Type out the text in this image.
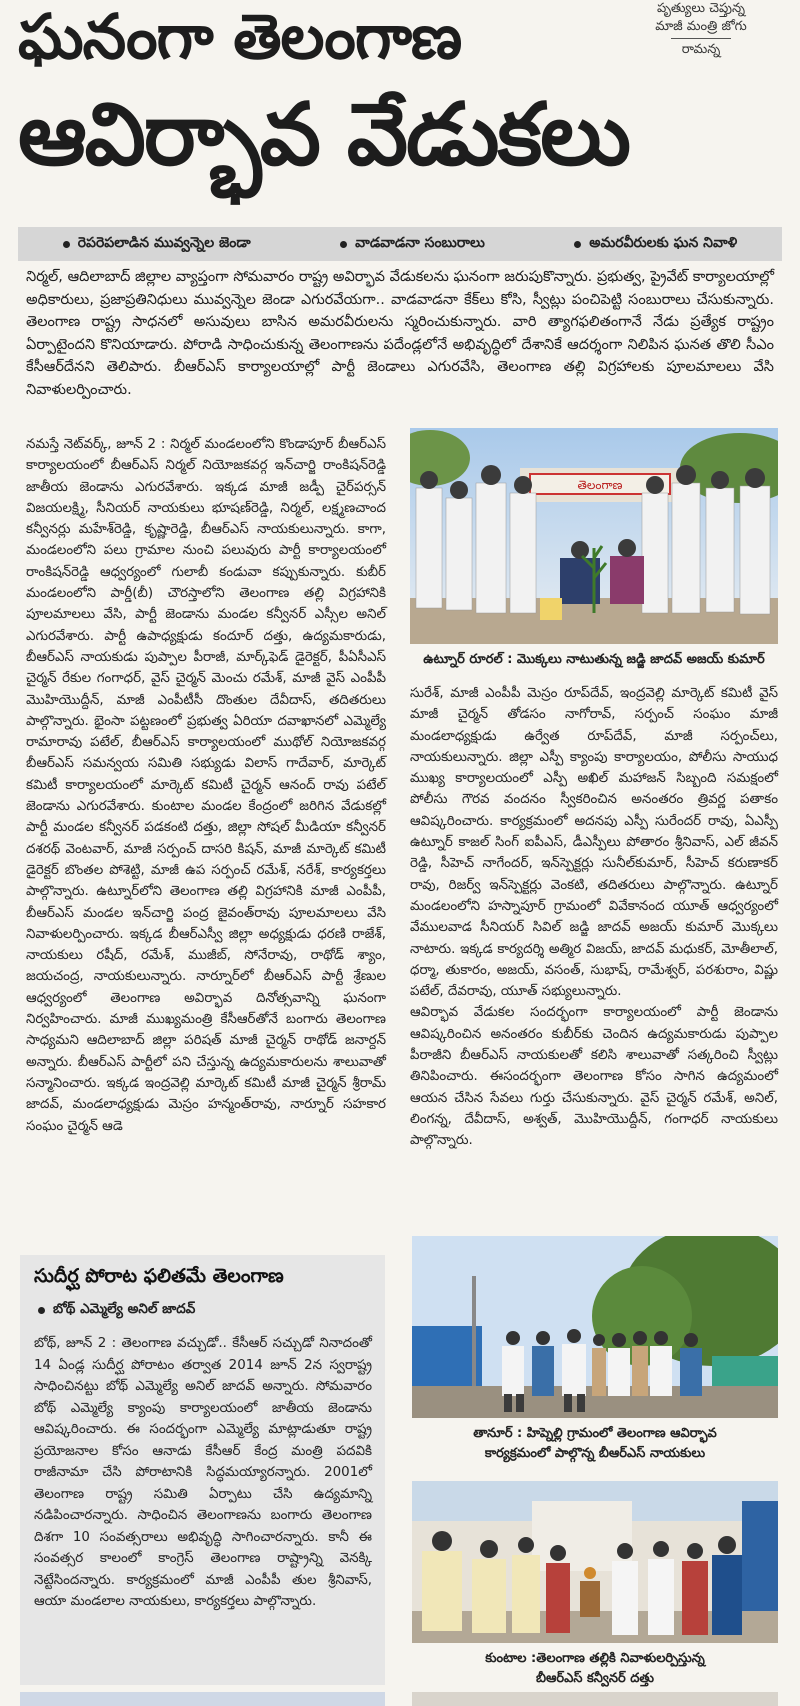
ఘనంగా తెలంగాణ
ఆవిర్భావ వేడుకలు
పృత్యులు చెప్తున్న
మాజీ మంత్రి జోగు
రామన్న
రెపరెపలాడిన మువ్వన్నెల జెండా	వాడవాడనా సంబురాలు	అమరవీరులకు ఘన నివాళి
నిర్మల్, ఆదిలాబాద్ జిల్లాల వ్యాప్తంగా సోమవారం రాష్ట్ర అవిర్భావ వేడుకలను ఘనంగా జరుపుకొన్నారు. ప్రభుత్వ, ప్రైవేట్ కార్యాలయాల్లో అధికారులు, ప్రజాప్రతినిధులు మువ్వన్నెల జెండా ఎగురవేయగా.. వాడవాడనా కేక్‌లు కోసి, స్వీట్లు పంచిపెట్టి సంబురాలు చేసుకున్నారు. తెలంగాణ రాష్ట్ర సాధనలో అసువులు బాసిన అమరవీరులను స్మరించుకున్నారు. వారి త్యాగఫలితంగానే నేడు ప్రత్యేక రాష్ట్రం ఏర్పాటైందని కొనియాడారు. పోరాడి సాధించుకున్న తెలంగాణను పదేండ్లలోనే అభివృద్ధిలో దేశానికే ఆదర్శంగా నిలిపిన ఘనత తొలి సీఎం కేసీఆర్‌దేనని తెలిపారు. బీఆర్‌ఎస్ కార్యాలయాల్లో పార్టీ జెండాలు ఎగురవేసి, తెలంగాణ తల్లి విగ్రహాలకు పూలమాలలు వేసి నివాళులర్పించారు.
నమస్తే నెట్‌వర్క్, జూన్ 2 : నిర్మల్ మండలంలోని కొండాపూర్ బీఆర్‌ఎస్ కార్యాలయంలో బీఆర్‌ఎస్ నిర్మల్ నియోజకవర్గ ఇన్‌చార్జి రాంకిషన్‌రెడ్డి జాతీయ జెండాను ఎగురవేశారు. ఇక్కడ మాజీ జడ్పీ చైర్‌పర్సన్ విజయలక్ష్మి, సీనియర్ నాయకులు భూషణ్‌రెడ్డి, నిర్మల్, లక్ష్మణచాంద కన్వీనర్లు మహేశ్‌రెడ్డి, కృష్ణారెడ్డి, బీఆర్‌ఎస్ నాయకులున్నారు. కాగా, మండలంలోని పలు గ్రామాల నుంచి పలువురు పార్టీ కార్యాలయంలో రాంకిషన్‌రెడ్డి ఆధ్వర్యంలో గులాబీ కండువా కప్పుకున్నారు. కుబీర్ మండలంలోని పార్డీ(బీ) చౌరస్తాలోని తెలంగాణ తల్లి విగ్రహానికి పూలమాలలు వేసి, పార్టీ జెండాను మండల కన్వీనర్ ఎస్సీల అనిల్ ఎగురవేశారు. పార్టీ ఉపాధ్యక్షుడు కందూర్ దత్తు, ఉద్యమకారుడు, బీఆర్‌ఎస్ నాయకుడు పుప్పాల పీరాజీ, మార్క్‌ఫెడ్ డైరెక్టర్, పీఏసీఎస్ చైర్మన్ రేకుల గంగాధర్, వైస్ చైర్మన్ మెంచు రమేశ్, మాజీ వైస్ ఎంపీపీ మొహియొద్దీన్, మాజీ ఎంపీటీసీ దొంతుల దేవీదాస్, తదితరులు పాల్గొన్నారు. భైంసా పట్టణంలో ప్రభుత్వ ఏరియా దవాఖానలో ఎమ్మెల్యే రామారావు పటేల్, బీఆర్‌ఎస్ కార్యాలయంలో ముథోల్ నియోజకవర్గ బీఆర్‌ఎస్ సమన్వయ సమితి సభ్యుడు విలాస్ గాదేవార్, మార్కెట్ కమిటీ కార్యాలయంలో మార్కెట్ కమిటీ చైర్మన్ ఆనంద్ రావు పటేల్ జెండాను ఎగురవేశారు. కుంటాల మండల కేంద్రంలో జరిగిన వేడుకల్లో పార్టీ మండల కన్వీనర్ పడకంటి దత్తు, జిల్లా సోషల్ మీడియా కన్వీనర్ దశరథ్ వెంటవార్, మాజీ సర్పంచ్ దాసరి కిషన్, మాజీ మార్కెట్ కమిటీ డైరెక్టర్ బొంతల పోశెట్టి, మాజీ ఉప సర్పంచ్ రమేశ్, నరేశ్, కార్యకర్తలు పాల్గొన్నారు. ఉట్నూర్‌లోని తెలంగాణ తల్లి విగ్రహానికి మాజీ ఎంపీపీ, బీఆర్‌ఎస్ మండల ఇన్‌చార్జి పంద్ర జైవంత్‌రావు పూలమాలలు వేసి నివాళులర్పించారు. ఇక్కడ బీఆర్‌ఎస్వీ జిల్లా అధ్యక్షుడు ధరణి రాజేశ్, నాయకులు రషీద్, రమేశ్, ముజీబ్, సోనేరావు, రాథోడ్ శ్యాం, జయచంద్ర, నాయకులున్నారు. నార్నూర్‌లో బీఆర్‌ఎస్ పార్టీ శ్రేణుల ఆధ్వర్యంలో తెలంగాణ అవిర్భావ దినోత్సవాన్ని ఘనంగా నిర్వహించారు. మాజీ ముఖ్యమంత్రి కేసీఆర్‌తోనే బంగారు తెలంగాణ సాధ్యమని ఆదిలాబాద్ జిల్లా పరిషత్ మాజీ చైర్మన్ రాథోడ్ జనార్దన్ అన్నారు. బీఆర్‌ఎస్ పార్టీలో పని చేస్తున్న ఉద్యమకారులను శాలువాతో సన్మానించారు. ఇక్కడ ఇంద్రవెల్లి మార్కెట్ కమిటీ మాజీ చైర్మన్ శ్రీరామ్ జాదవ్, మండలాధ్యక్షుడు మెస్రం హన్మంత్‌రావు, నార్నూర్ సహకార సంఘం చైర్మన్ ఆడె
తెలంగాణ
ఉట్నూర్ రూరల్ : మొక్కలు నాటుతున్న జడ్జి జాదవ్ అజయ్ కుమార్
సురేశ్, మాజీ ఎంపీపీ మెస్రం రూప్‌దేవ్, ఇంద్రవెల్లి మార్కెట్ కమిటీ వైస్ మాజీ చైర్మన్ తోడసం నాగోరావ్, సర్పంచ్ సంఘం మాజీ మండలాధ్యక్షుడు ఉర్వేత రూప్‌దేవ్, మాజీ సర్పంచ్‌లు, నాయకులున్నారు. జిల్లా ఎస్పీ క్యాంపు కార్యాలయం, పోలీసు సాయుధ ముఖ్య కార్యాలయంలో ఎస్పీ అఖిల్ మహాజన్ సిబ్బంది సమక్షంలో పోలీసు గౌరవ వందనం స్వీకరించిన అనంతరం త్రివర్ణ పతాకం ఆవిష్కరించారు. కార్యక్రమంలో అదనపు ఎస్పీ సురేందర్ రావు, ఏఎస్పీ ఉట్నూర్ కాజల్ సింగ్ ఐపీఎస్, డీఎస్పీలు పోతారం శ్రీనివాస్, ఎల్ జీవన్ రెడ్డి, సీహెచ్ నాగేందర్, ఇన్‌స్పెక్టర్లు సునీల్‌కుమార్, సీహెచ్ కరుణాకర్ రావు, రిజర్వ్ ఇన్‌స్పెక్టర్లు వెంకటి, తదితరులు పాల్గొన్నారు. ఉట్నూర్ మండలంలోని హస్నాపూర్ గ్రామంలో వివేకానంద యూత్ ఆధ్వర్యంలో వేములవాడ సీనియర్ సివిల్ జడ్జి జాదవ్ అజయ్ కుమార్ మొక్కలు నాటారు. ఇక్కడ కార్యదర్శి అత్మిర విజయ్, జాదవ్ మధుకర్, మోతీలాల్, ధర్మా, తుకారం, అజయ్, వసంత్, సుభాష్, రామేశ్వర్, పరశురాం, విష్ణు పటేల్, దేవరావు, యూత్ సభ్యులున్నారు.
ఆవిర్భావ వేడుకల సందర్భంగా కార్యాలయంలో పార్టీ జెండాను ఆవిష్కరించిన అనంతరం కుబీర్‌కు చెందిన ఉద్యమకారుడు పుప్పాల పీరాజీని బీఆర్‌ఎస్ నాయకులతో కలిసి శాలువాతో సత్కరించి స్వీట్లు తినిపించారు. ఈసందర్భంగా తెలంగాణ కోసం సాగిన ఉద్యమంలో ఆయన చేసిన సేవలు గుర్తు చేసుకున్నారు. వైస్ చైర్మన్ రమేశ్, అనిల్, లింగన్న, దేవీదాస్, అశ్వత్, మొహియొద్దీన్, గంగాధర్ నాయకులు పాల్గొన్నారు.
తానూర్ : హిప్నెల్లి గ్రామంలో తెలంగాణ ఆవిర్భావ
కార్యక్రమంలో పాల్గొన్న బీఆర్‌ఎస్ నాయకులు
కుంటాల :తెలంగాణ తల్లికి నివాళులర్పిస్తున్న
బీఆర్‌ఎస్ కన్వీనర్ దత్తు
సుదీర్ఘ పోరాట ఫలితమే తెలంగాణ
బోథ్ ఎమ్మెల్యే అనిల్ జాదవ్
బోథ్, జూన్ 2 : తెలంగాణ వచ్చుడో.. కేసీఆర్ సచ్చుడో నినాదంతో 14 ఏండ్ల సుదీర్ఘ పోరాటం తర్వాత 2014 జూన్ 2న స్వరాష్ట్ర సాధించినట్టు బోథ్ ఎమ్మెల్యే అనిల్ జాదవ్ అన్నారు. సోమవారం బోథ్ ఎమ్మెల్యే క్యాంపు కార్యాలయంలో జాతీయ జెండాను ఆవిష్కరించారు. ఈ సందర్భంగా ఎమ్మెల్యే మాట్లాడుతూ రాష్ట్ర ప్రయోజనాల కోసం ఆనాడు కేసీఆర్ కేంద్ర మంత్రి పదవికి రాజీనామా చేసి పోరాటానికి సిద్ధమయ్యారన్నారు. 2001లో తెలంగాణ రాష్ట్ర సమితి ఏర్పాటు చేసి ఉద్యమాన్ని నడిపించారన్నారు. సాధించిన తెలంగాణను బంగారు తెలంగాణ దిశగా 10 సంవత్సరాలు అభివృద్ధి సాగించారన్నారు. కానీ ఈ సంవత్సర కాలంలో కాంగ్రెస్ తెలంగాణ రాష్ట్రాన్ని వెనక్కి నెట్టేసిందన్నారు. కార్యక్రమంలో మాజీ ఎంపీపీ తుల శ్రీనివాస్, ఆయా మండలాల నాయకులు, కార్యకర్తలు పాల్గొన్నారు.
